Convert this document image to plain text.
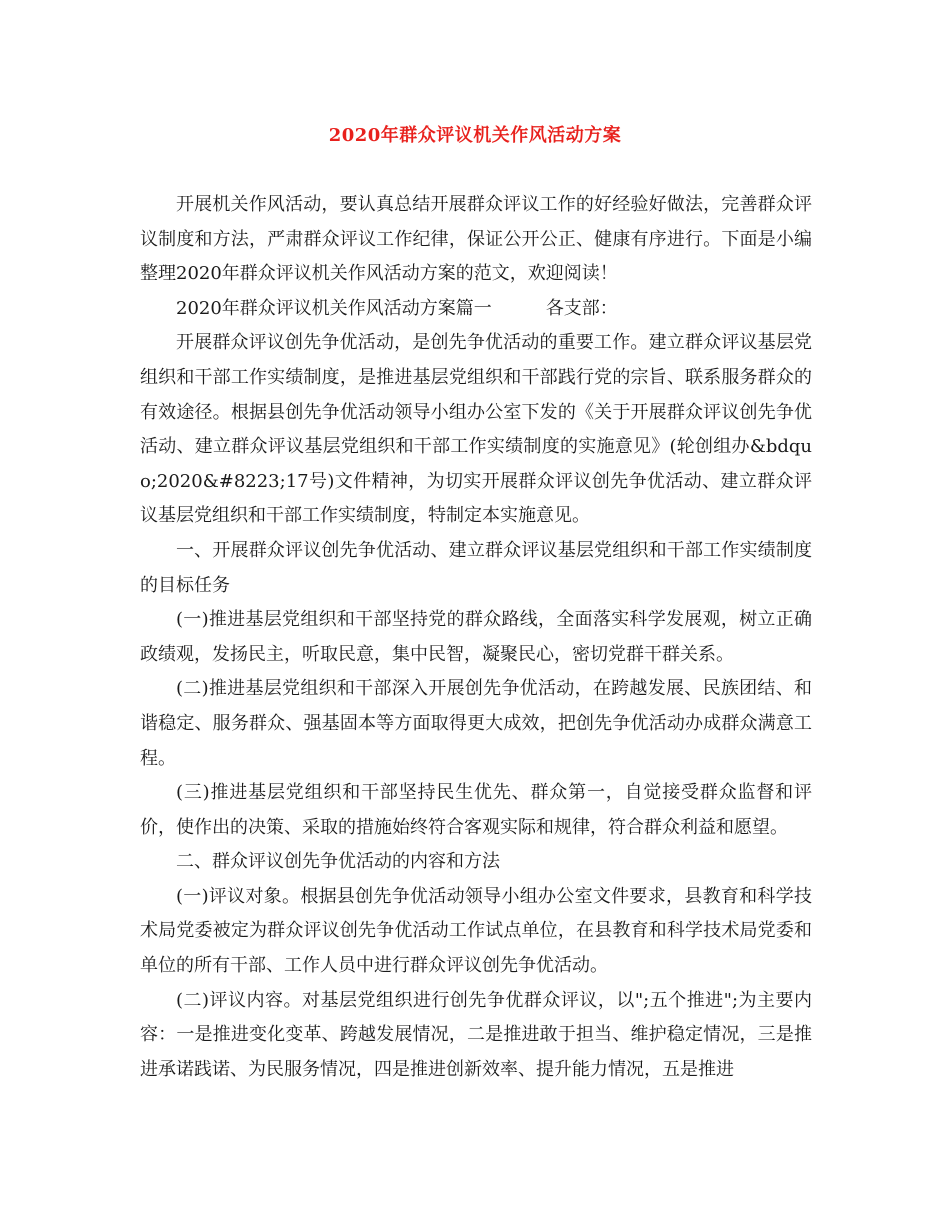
2020年群众评议机关作风活动方案

开展机关作风活动，要认真总结开展群众评议工作的好经验好做法，完善群众评议制度和方法，严肃群众评议工作纪律，保证公开公正、健康有序进行。下面是小编整理2020年群众评议机关作风活动方案的范文，欢迎阅读！

2020年群众评议机关作风活动方案篇一	各支部：

开展群众评议创先争优活动，是创先争优活动的重要工作。建立群众评议基层党组织和干部工作实绩制度，是推进基层党组织和干部践行党的宗旨、联系服务群众的有效途径。根据县创先争优活动领导小组办公室下发的《关于开展群众评议创先争优活动、建立群众评议基层党组织和干部工作实绩制度的实施意见》(轮创组办&bdquo;2020&#8223;17号)文件精神，为切实开展群众评议创先争优活动、建立群众评议基层党组织和干部工作实绩制度，特制定本实施意见。

一、开展群众评议创先争优活动、建立群众评议基层党组织和干部工作实绩制度的目标任务

(一)推进基层党组织和干部坚持党的群众路线，全面落实科学发展观，树立正确政绩观，发扬民主，听取民意，集中民智，凝聚民心，密切党群干群关系。

(二)推进基层党组织和干部深入开展创先争优活动，在跨越发展、民族团结、和谐稳定、服务群众、强基固本等方面取得更大成效，把创先争优活动办成群众满意工程。

(三)推进基层党组织和干部坚持民生优先、群众第一，自觉接受群众监督和评价，使作出的决策、采取的措施始终符合客观实际和规律，符合群众利益和愿望。

二、群众评议创先争优活动的内容和方法

(一)评议对象。根据县创先争优活动领导小组办公室文件要求，县教育和科学技术局党委被定为群众评议创先争优活动工作试点单位，在县教育和科学技术局党委和单位的所有干部、工作人员中进行群众评议创先争优活动。

(二)评议内容。对基层党组织进行创先争优群众评议，以";五个推进";为主要内容：一是推进变化变革、跨越发展情况，二是推进敢于担当、维护稳定情况，三是推进承诺践诺、为民服务情况，四是推进创新效率、提升能力情况，五是推进
